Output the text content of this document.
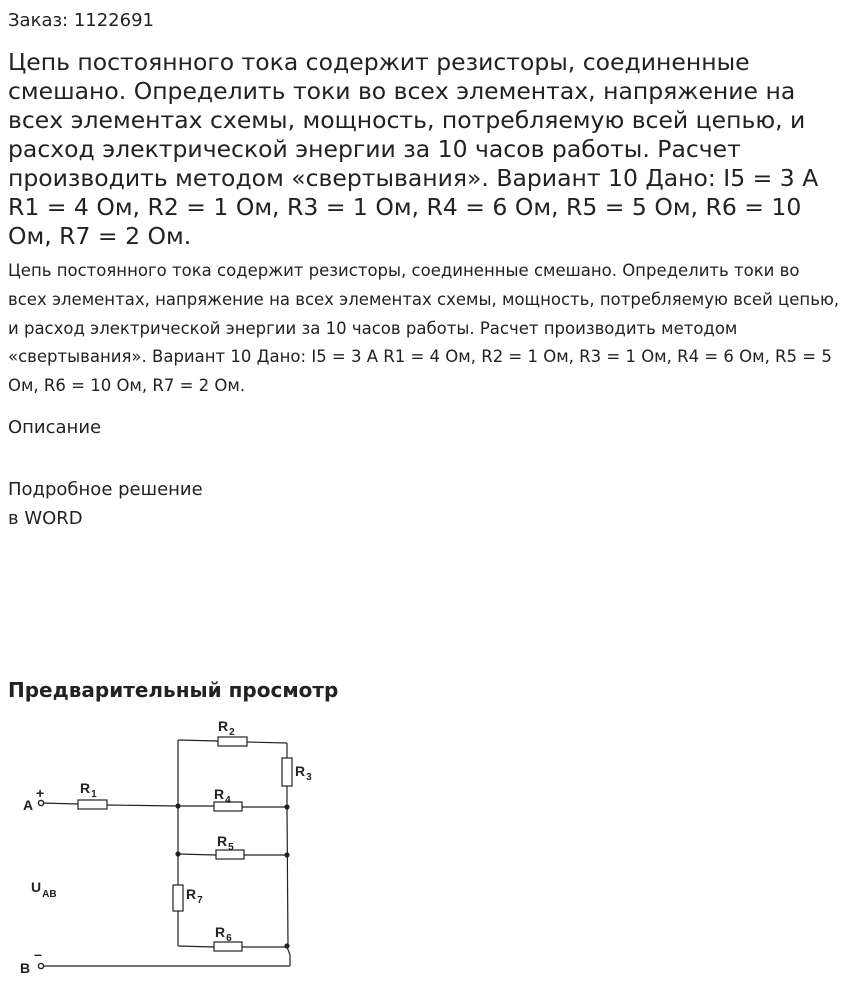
Заказ: 1122691
Цепь постоянного тока содержит резисторы, соединенные смешано. Определить токи во всех элементах, напряжение на всех элементах схемы, мощность, потребляемую всей цепью, и расход электрической энергии за 10 часов работы. Расчет производить методом «свертывания». Вариант 10 Дано: I5 = 3 А R1 = 4 Ом, R2 = 1 Ом, R3 = 1 Ом, R4 = 6 Ом, R5 = 5 Ом, R6 = 10 Ом, R7 = 2 Ом.
Цепь постоянного тока содержит резисторы, соединенные смешано. Определить токи во всех элементах, напряжение на всех элементах схемы, мощность, потребляемую всей цепью, и расход электрической энергии за 10 часов работы. Расчет производить методом «свертывания». Вариант 10 Дано: I5 = 3 А R1 = 4 Ом, R2 = 1 Ом, R3 = 1 Ом, R4 = 6 Ом, R5 = 5 Ом, R6 = 10 Ом, R7 = 2 Ом.
Описание
Подробное решение
в WORD
Предварительный просмотр
+
A
–
B
$U_{AB}$
$R_1$
$R_2$
$R_3$
$R_4$
$R_5$
$R_6$
$R_7$
